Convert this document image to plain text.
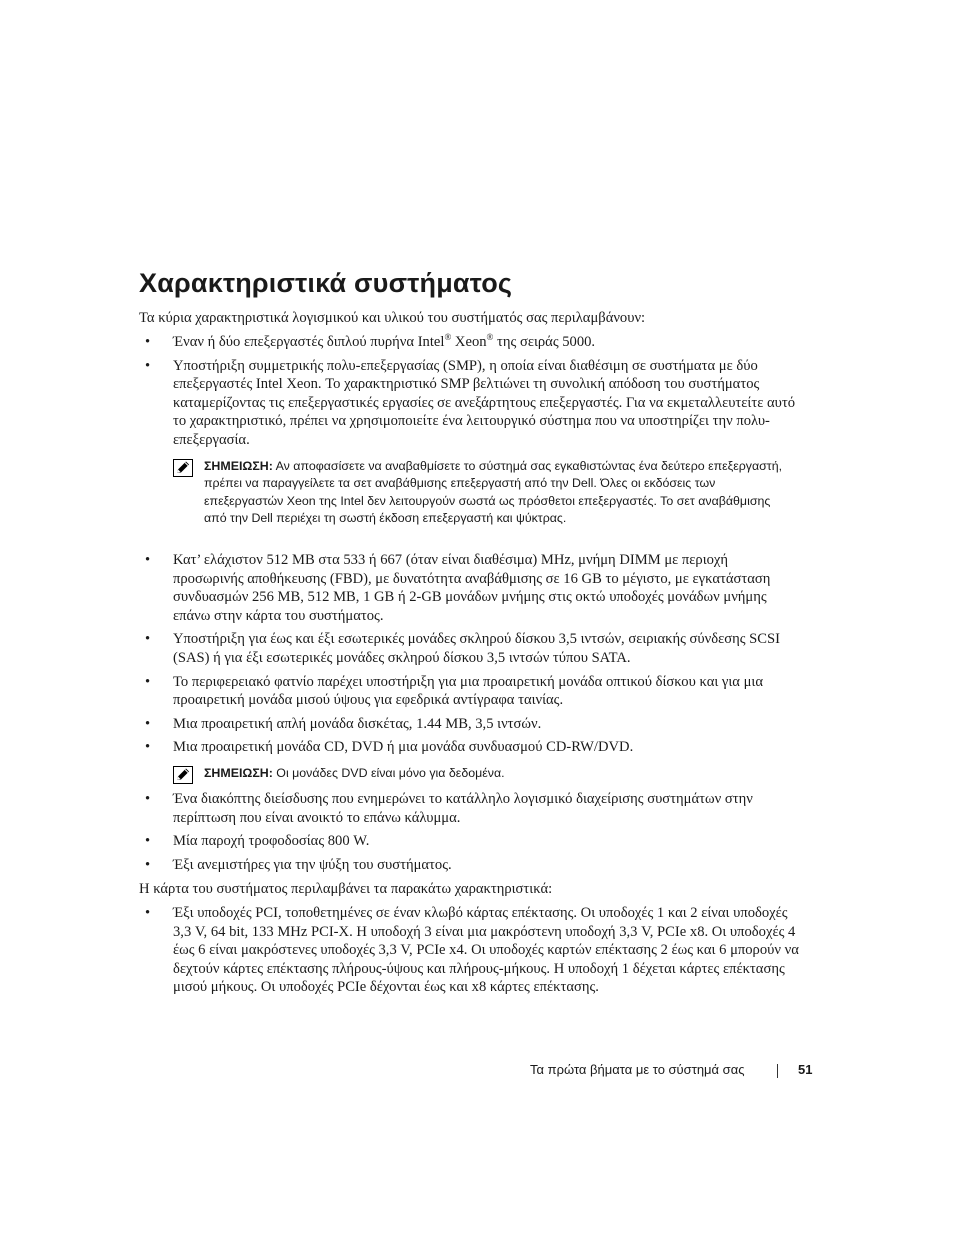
Χαρακτηριστικά συστήματος

Τα κύρια χαρακτηριστικά λογισμικού και υλικού του συστήματός σας περιλαμβάνουν:

• Έναν ή δύο επεξεργαστές διπλού πυρήνα Intel® Xeon® της σειράς 5000.
• Υποστήριξη συμμετρικής πολυ-επεξεργασίας (SMP), η οποία είναι διαθέσιμη σε συστήματα με δύο επεξεργαστές Intel Xeon. Το χαρακτηριστικό SMP βελτιώνει τη συνολική απόδοση του συστήματος καταμερίζοντας τις επεξεργαστικές εργασίες σε ανεξάρτητους επεξεργαστές. Για να εκμεταλλευτείτε αυτό το χαρακτηριστικό, πρέπει να χρησιμοποιείτε ένα λειτουργικό σύστημα που να υποστηρίζει την πολυ-επεξεργασία.
ΣΗΜΕΙΩΣΗ: Αν αποφασίσετε να αναβαθμίσετε το σύστημά σας εγκαθιστώντας ένα δεύτερο επεξεργαστή, πρέπει να παραγγείλετε τα σετ αναβάθμισης επεξεργαστή από την Dell. Όλες οι εκδόσεις των επεξεργαστών Xeon της Intel δεν λειτουργούν σωστά ως πρόσθετοι επεξεργαστές. Το σετ αναβάθμισης από την Dell περιέχει τη σωστή έκδοση επεξεργαστή και ψύκτρας.
• Κατ’ ελάχιστον 512 MB στα 533 ή 667 (όταν είναι διαθέσιμα) MHz, μνήμη DIMM με περιοχή προσωρινής αποθήκευσης (FBD), με δυνατότητα αναβάθμισης σε 16 GB το μέγιστο, με εγκατάσταση συνδυασμών 256 MB, 512 MB, 1 GB ή 2-GB μονάδων μνήμης στις οκτώ υποδοχές μονάδων μνήμης επάνω στην κάρτα του συστήματος.
• Υποστήριξη για έως και έξι εσωτερικές μονάδες σκληρού δίσκου 3,5 ιντσών, σειριακής σύνδεσης SCSI (SAS) ή για έξι εσωτερικές μονάδες σκληρού δίσκου 3,5 ιντσών τύπου SATA.
• Το περιφερειακό φατνίο παρέχει υποστήριξη για μια προαιρετική μονάδα οπτικού δίσκου και για μια προαιρετική μονάδα μισού ύψους για εφεδρικά αντίγραφα ταινίας.
• Μια προαιρετική απλή μονάδα δισκέτας, 1.44 MB, 3,5 ιντσών.
• Μια προαιρετική μονάδα CD, DVD ή μια μονάδα συνδυασμού CD-RW/DVD.
ΣΗΜΕΙΩΣΗ: Οι μονάδες DVD είναι μόνο για δεδομένα.
• Ένα διακόπτης διείσδυσης που ενημερώνει το κατάλληλο λογισμικό διαχείρισης συστημάτων στην περίπτωση που είναι ανοικτό το επάνω κάλυμμα.
• Μία παροχή τροφοδοσίας 800 W.
• Έξι ανεμιστήρες για την ψύξη του συστήματος.

Η κάρτα του συστήματος περιλαμβάνει τα παρακάτω χαρακτηριστικά:

• Έξι υποδοχές PCI, τοποθετημένες σε έναν κλωβό κάρτας επέκτασης. Οι υποδοχές 1 και 2 είναι υποδοχές 3,3 V, 64 bit, 133 MHz PCI-X. Η υποδοχή 3 είναι μια μακρόστενη υποδοχή 3,3 V, PCIe x8. Οι υποδοχές 4 έως 6 είναι μακρόστενες υποδοχές 3,3 V, PCIe x4. Οι υποδοχές καρτών επέκτασης 2 έως και 6 μπορούν να δεχτούν κάρτες επέκτασης πλήρους-ύψους και πλήρους-μήκους. Η υποδοχή 1 δέχεται κάρτες επέκτασης μισού μήκους. Οι υποδοχές PCIe δέχονται έως και x8 κάρτες επέκτασης.
Τα πρώτα βήματα με το σύστημά σας	51
